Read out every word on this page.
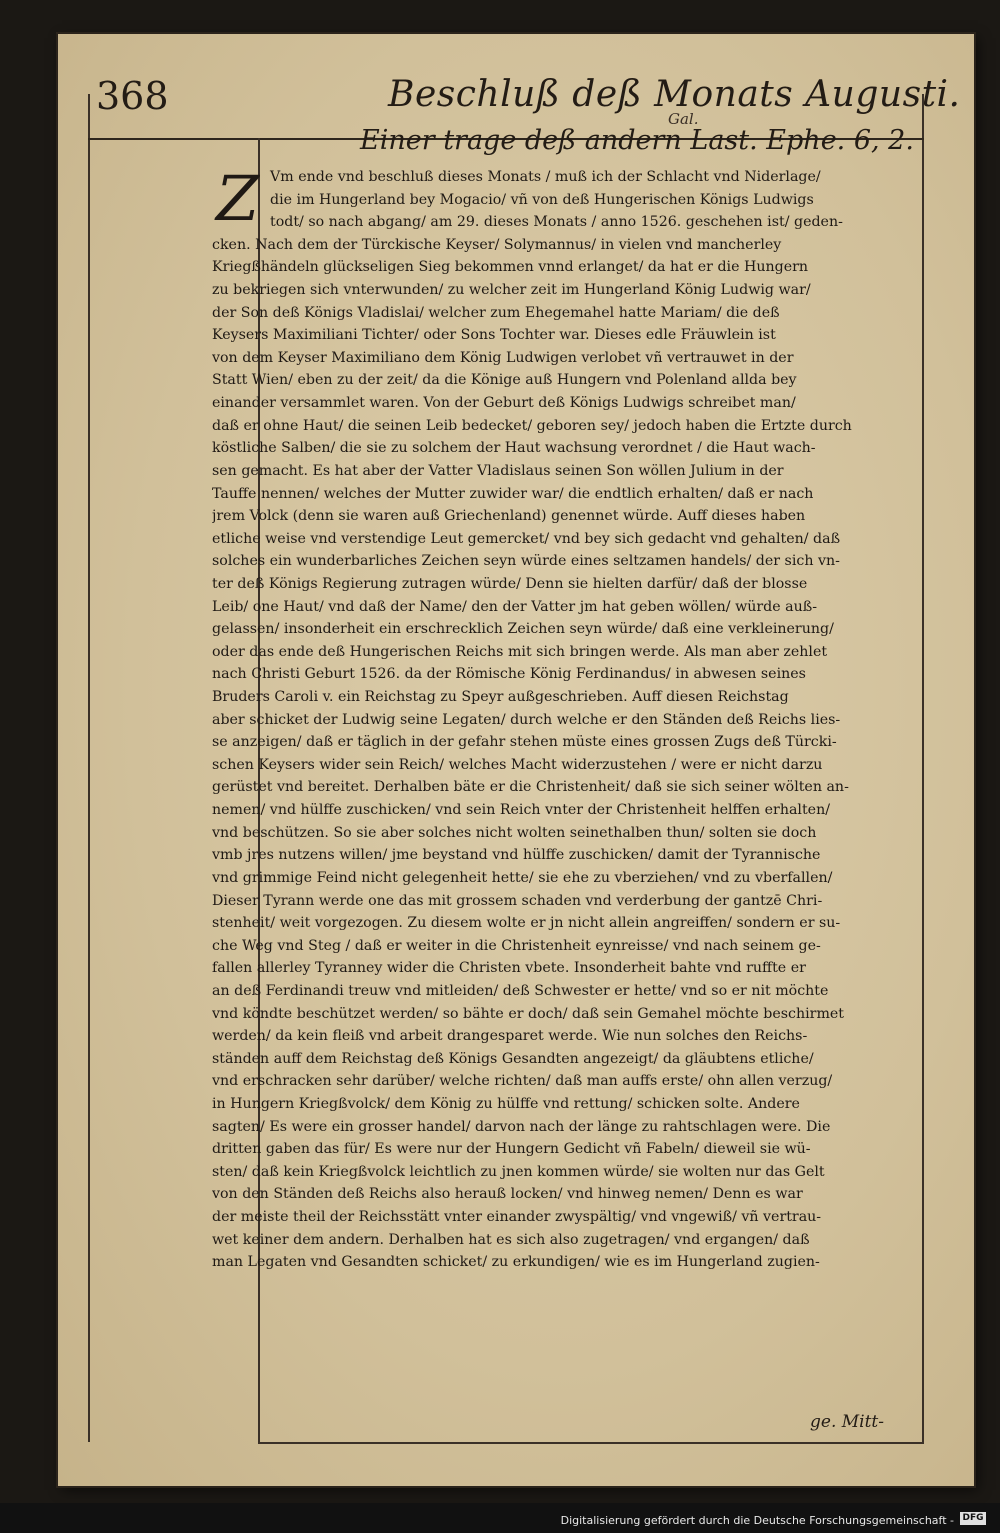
368	Beschluß deß Monats Augusti.
Einer trage deß andern Last. Ephe. 6, 2.
Gal.
Z Vm ende vnd beschluß dieses Monats / muß ich der Schlacht vnd Niderlage/
die im Hungerland bey Mogacio/ vñ von deß Hungerischen Königs Ludwigs
todt/ so nach abgang/ am 29. dieses Monats / anno 1526. geschehen ist/ geden-
cken. Nach dem der Türckische Keyser/ Solymannus/ in vielen vnd mancherley
Kriegßhändeln glückseligen Sieg bekommen vnnd erlanget/ da hat er die Hungern
zu bekriegen sich vnterwunden/ zu welcher zeit im Hungerland König Ludwig war/
der Son deß Königs Vladislai/ welcher zum Ehegemahel hatte Mariam/ die deß
Keysers Maximiliani Tichter/ oder Sons Tochter war. Dieses edle Fräuwlein ist
von dem Keyser Maximiliano dem König Ludwigen verlobet vñ vertrauwet in der
Statt Wien/ eben zu der zeit/ da die Könige auß Hungern vnd Polenland allda bey
einander versammlet waren. Von der Geburt deß Königs Ludwigs schreibet man/
daß er ohne Haut/ die seinen Leib bedecket/ geboren sey/ jedoch haben die Ertzte durch
köstliche Salben/ die sie zu solchem der Haut wachsung verordnet / die Haut wach-
sen gemacht. Es hat aber der Vatter Vladislaus seinen Son wöllen Julium in der
Tauffe nennen/ welches der Mutter zuwider war/ die endtlich erhalten/ daß er nach
jrem Volck (denn sie waren auß Griechenland) genennet würde. Auff dieses haben
etliche weise vnd verstendige Leut gemercket/ vnd bey sich gedacht vnd gehalten/ daß
solches ein wunderbarliches Zeichen seyn würde eines seltzamen handels/ der sich vn-
ter deß Königs Regierung zutragen würde/ Denn sie hielten darfür/ daß der blosse
Leib/ one Haut/ vnd daß der Name/ den der Vatter jm hat geben wöllen/ würde auß-
gelassen/ insonderheit ein erschrecklich Zeichen seyn würde/ daß eine verkleinerung/
oder das ende deß Hungerischen Reichs mit sich bringen werde. Als man aber zehlet
nach Christi Geburt 1526. da der Römische König Ferdinandus/ in abwesen seines
Bruders Caroli v. ein Reichstag zu Speyr außgeschrieben. Auff diesen Reichstag
aber schicket der Ludwig seine Legaten/ durch welche er den Ständen deß Reichs lies-
se anzeigen/ daß er täglich in der gefahr stehen müste eines grossen Zugs deß Türcki-
schen Keysers wider sein Reich/ welches Macht widerzustehen / were er nicht darzu
gerüstet vnd bereitet. Derhalben bäte er die Christenheit/ daß sie sich seiner wölten an-
nemen/ vnd hülffe zuschicken/ vnd sein Reich vnter der Christenheit helffen erhalten/
vnd beschützen. So sie aber solches nicht wolten seinethalben thun/ solten sie doch
vmb jres nutzens willen/ jme beystand vnd hülffe zuschicken/ damit der Tyrannische
vnd grimmige Feind nicht gelegenheit hette/ sie ehe zu vberziehen/ vnd zu vberfallen/
Dieser Tyrann werde one das mit grossem schaden vnd verderbung der gantzē Chri-
stenheit/ weit vorgezogen. Zu diesem wolte er jn nicht allein angreiffen/ sondern er su-
che Weg vnd Steg / daß er weiter in die Christenheit eynreisse/ vnd nach seinem ge-
fallen allerley Tyranney wider die Christen vbete. Insonderheit bahte vnd ruffte er
an deß Ferdinandi treuw vnd mitleiden/ deß Schwester er hette/ vnd so er nit möchte
vnd köndte beschützet werden/ so bähte er doch/ daß sein Gemahel möchte beschirmet
werden/ da kein fleiß vnd arbeit drangesparet werde. Wie nun solches den Reichs-
ständen auff dem Reichstag deß Königs Gesandten angezeigt/ da gläubtens etliche/
vnd erschracken sehr darüber/ welche richten/ daß man auffs erste/ ohn allen verzug/
in Hungern Kriegßvolck/ dem König zu hülffe vnd rettung/ schicken solte. Andere
sagten/ Es were ein grosser handel/ darvon nach der länge zu rahtschlagen were. Die
dritten gaben das für/ Es were nur der Hungern Gedicht vñ Fabeln/ dieweil sie wü-
sten/ daß kein Kriegßvolck leichtlich zu jnen kommen würde/ sie wolten nur das Gelt
von den Ständen deß Reichs also herauß locken/ vnd hinweg nemen/ Denn es war
der meiste theil der Reichsstätt vnter einander zwyspältig/ vnd vngewiß/ vñ vertrau-
wet keiner dem andern. Derhalben hat es sich also zugetragen/ vnd ergangen/ daß
man Legaten vnd Gesandten schicket/ zu erkundigen/ wie es im Hungerland zugien-
ge. Mitt-
Digitalisierung gefördert durch die Deutsche Forschungsgemeinschaft - DFG
